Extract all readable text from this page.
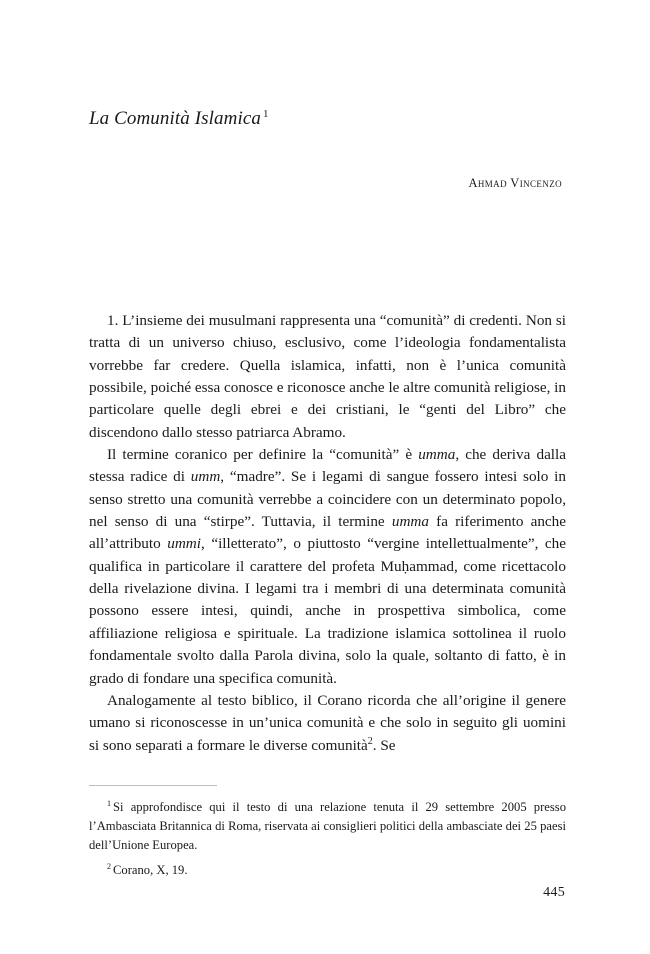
La Comunità Islamica $^1$
Ahmad Vincenzo

1. L’insieme dei musulmani rappresenta una “comunità” di credenti. Non si tratta di un universo chiuso, esclusivo, come l’ideologia fondamentalista vorrebbe far credere. Quella islamica, infatti, non è l’unica comunità possibile, poiché essa conosce e riconosce anche le altre comunità religiose, in particolare quelle degli ebrei e dei cristiani, le “genti del Libro” che discendono dallo stesso patriarca Abramo.

Il termine coranico per definire la “comunità” è umma, che deriva dalla stessa radice di umm, “madre”. Se i legami di sangue fossero intesi solo in senso stretto una comunità verrebbe a coincidere con un determinato popolo, nel senso di una “stirpe”. Tuttavia, il termine umma fa riferimento anche all’attributo ummi, “illetterato”, o piuttosto “vergine intellettualmente”, che qualifica in particolare il carattere del profeta Muḥammad, come ricettacolo della rivelazione divina. I legami tra i membri di una determinata comunità possono essere intesi, quindi, anche in prospettiva simbolica, come affiliazione religiosa e spirituale. La tradizione islamica sottolinea il ruolo fondamentale svolto dalla Parola divina, solo la quale, soltanto di fatto, è in grado di fondare una specifica comunità.

Analogamente al testo biblico, il Corano ricorda che all’origine il genere umano si riconoscesse in un’unica comunità e che solo in seguito gli uomini si sono separati a formare le diverse comunità$^2$. Se

$^1$ Si approfondisce qui il testo di una relazione tenuta il 29 settembre 2005 presso l’Ambasciata Britannica di Roma, riservata ai consiglieri politici della ambasciate dei 25 paesi dell’Unione Europea.

$^2$ Corano, X, 19.

445
